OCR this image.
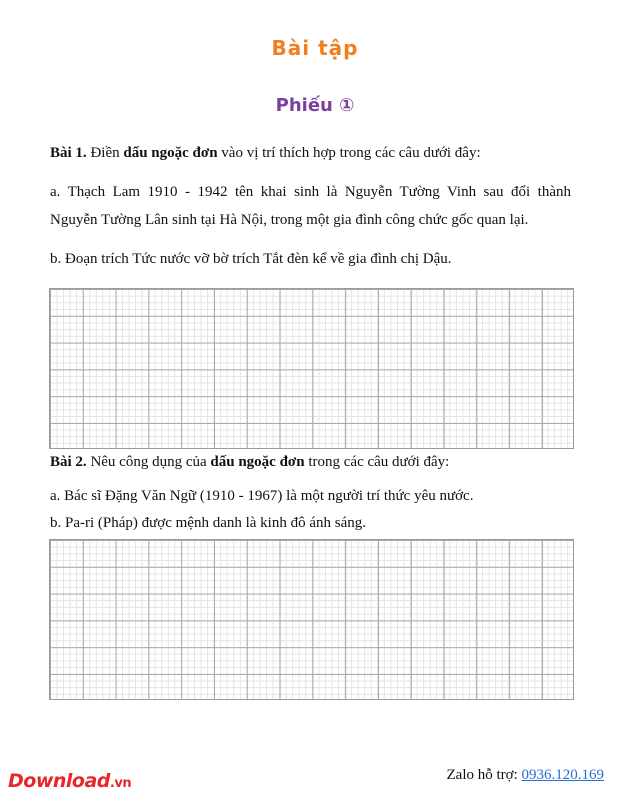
Bài tập
Phiếu ①
Bài 1. Điền dấu ngoặc đơn vào vị trí thích hợp trong các câu dưới đây:
a. Thạch Lam 1910 - 1942 tên khai sinh là Nguyễn Tường Vinh sau đổi thành
Nguyễn Tường Lân sinh tại Hà Nội, trong một gia đình công chức gốc quan lại.
b. Đoạn trích Tức nước vỡ bờ trích Tắt đèn kể về gia đình chị Dậu.
Bài 2. Nêu công dụng của dấu ngoặc đơn trong các câu dưới đây:
a. Bác sĩ Đặng Văn Ngữ (1910 - 1967) là một người trí thức yêu nước.
b. Pa-ri (Pháp) được mệnh danh là kinh đô ánh sáng.
Download.vn
Zalo hỗ trợ: 0936.120.169
